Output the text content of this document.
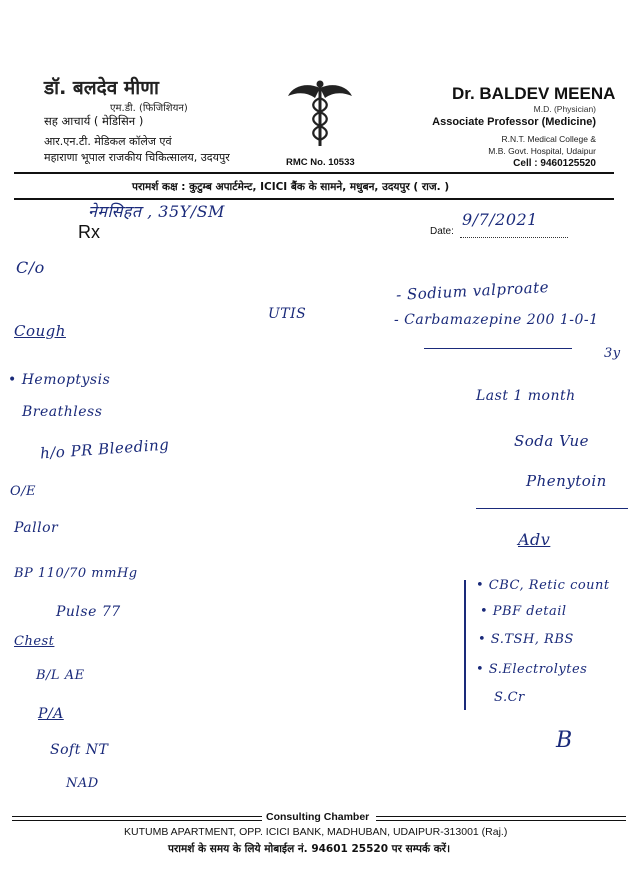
डॉ. बलदेव मीणा
एम.डी. (फिजिशियन)
सह आचार्य ( मेडिसिन )
आर.एन.टी. मेडिकल कॉलेज एवं
महाराणा भूपाल राजकीय चिकित्सालय, उदयपुर	RMC No. 10533
Dr. BALDEV MEENA
M.D. (Physician)
Associate Professor (Medicine)
R.N.T. Medical College &
M.B. Govt. Hospital, Udaipur
Cell : 9460125520
परामर्श कक्ष : कुटुम्ब अपार्टमेन्ट, ICICI बैंक के सामने, मधुबन, उदयपुर ( राज. )
Rx	Date:
नेमसिहत , 35Y/SM	9/7/2021
C/o
Cough
• Hemoptysis
Breathless
h/o PR Bleeding
O/E
Pallor
BP 110/70 mmHg
Pulse 77
Chest
B/L AE
P/A
Soft NT
NAD
UTIS
- Sodium valproate
- Carbamazepine 200 1-0-1
3y
Last 1 month
Soda Vue
Phenytoin
Adv
• CBC, Retic count
• PBF detail
• S.TSH, RBS
• S.Electrolytes
S.Cr
B
Consulting Chamber
KUTUMB APARTMENT, OPP. ICICI BANK, MADHUBAN, UDAIPUR-313001 (Raj.)
परामर्श के समय के लिये मोबाईल नं. 94601 25520 पर सम्पर्क करें।
